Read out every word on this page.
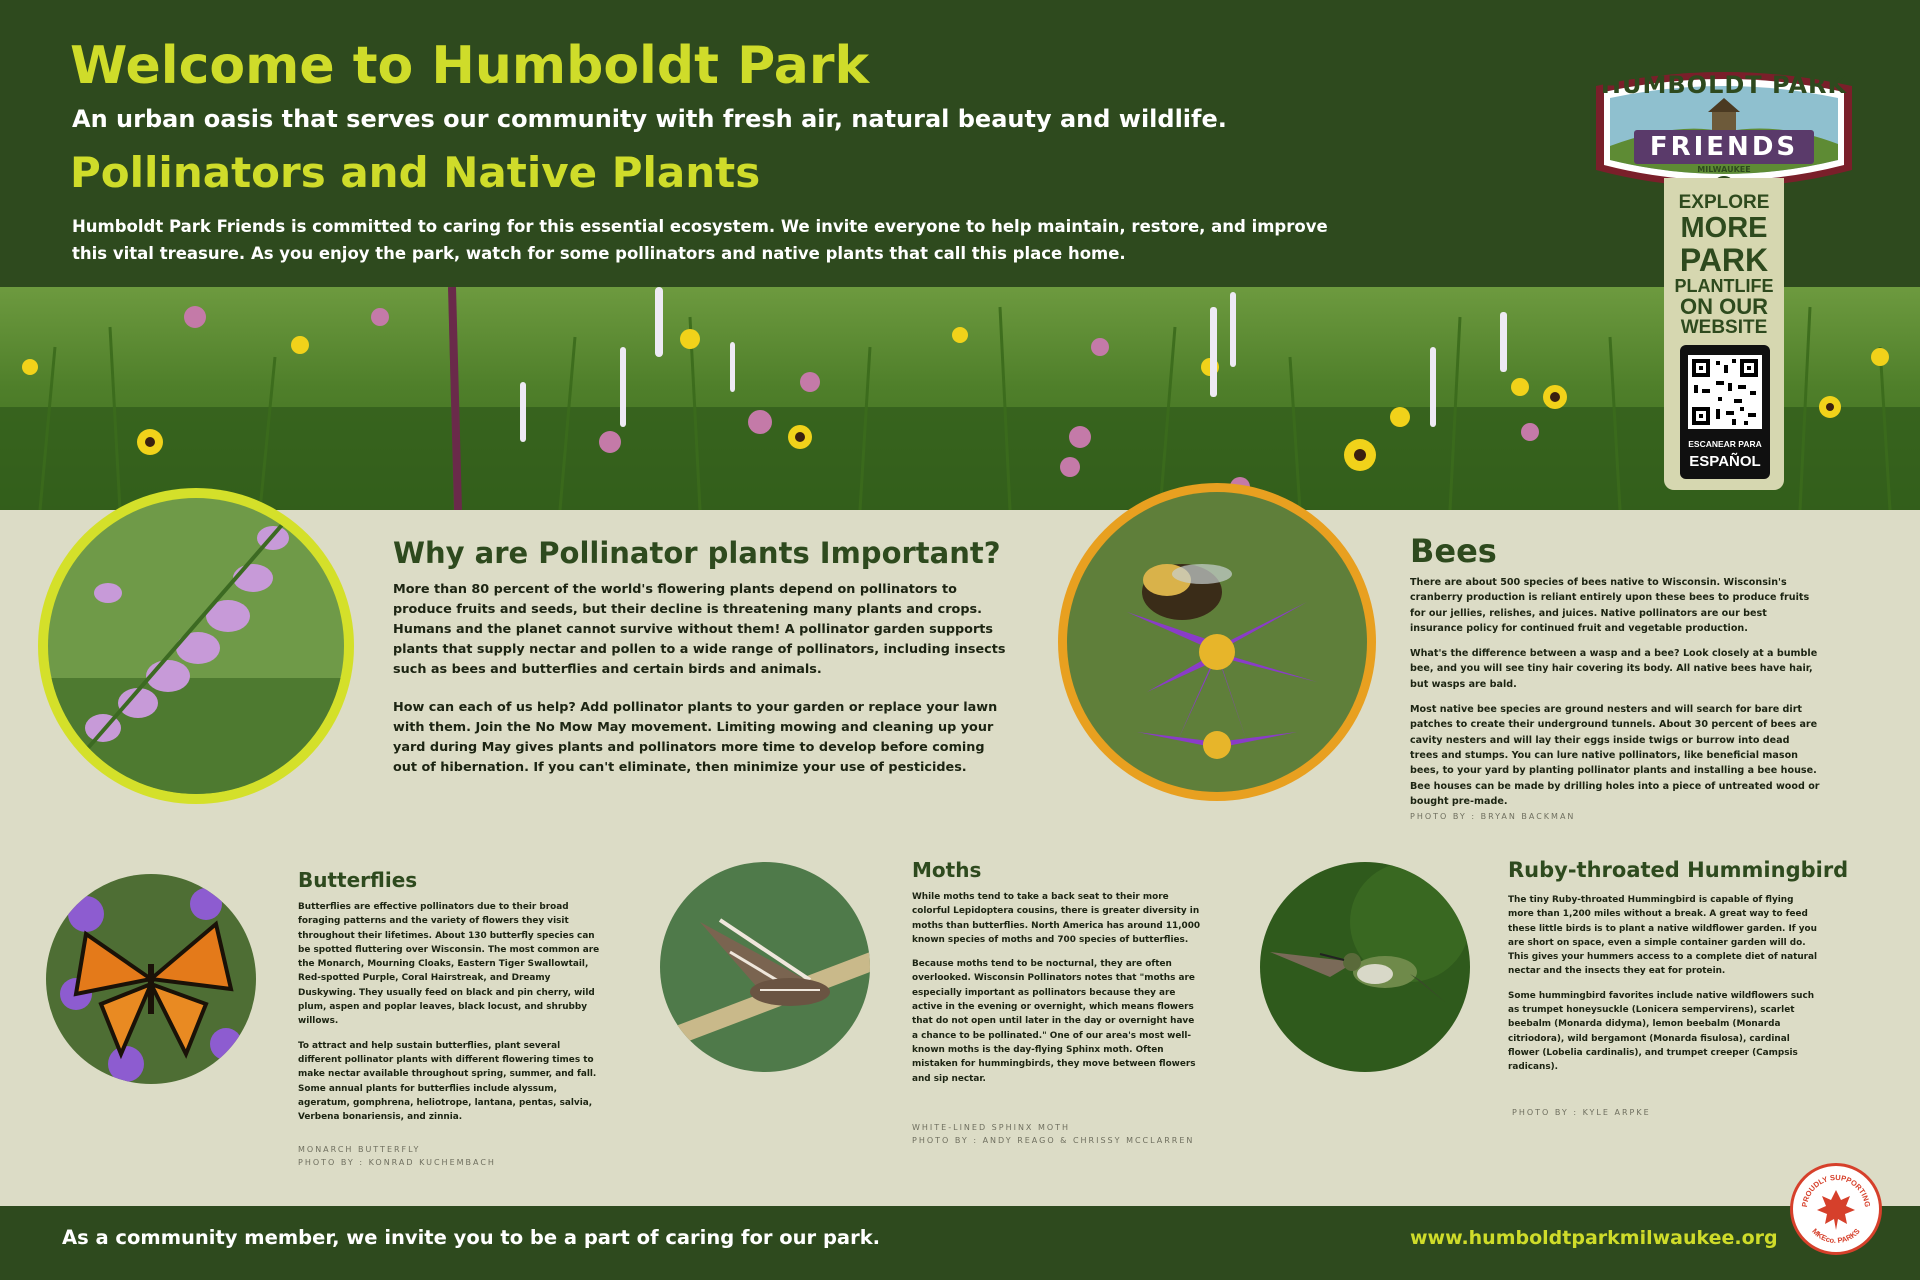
Welcome to Humboldt Park
An urban oasis that serves our community with fresh air, natural beauty and wildlife.
Pollinators and Native Plants
Humboldt Park Friends is committed to caring for this essential ecosystem. We invite everyone to help maintain, restore, and improve this vital treasure. As you enjoy the park, watch for some pollinators and native plants that call this place home.
HUMBOLDT PARK
FRIENDS
MILWAUKEE
EXPLORE
MORE
PARK
PLANTLIFE
ON OUR
WEBSITE
ESCANEAR PARA
ESPAÑOL
Why are Pollinator plants Important?

More than 80 percent of the world's flowering plants depend on pollinators to produce fruits and seeds, but their decline is threatening many plants and crops. Humans and the planet cannot survive without them! A pollinator garden supports plants that supply nectar and pollen to a wide range of pollinators, including insects such as bees and butterflies and certain birds and animals.

How can each of us help? Add pollinator plants to your garden or replace your lawn with them. Join the No Mow May movement. Limiting mowing and cleaning up your yard during May gives plants and pollinators more time to develop before coming out of hibernation. If you can't eliminate, then minimize your use of pesticides.

Bees

There are about 500 species of bees native to Wisconsin. Wisconsin's cranberry production is reliant entirely upon these bees to produce fruits for our jellies, relishes, and juices. Native pollinators are our best insurance policy for continued fruit and vegetable production.

What's the difference between a wasp and a bee? Look closely at a bumble bee, and you will see tiny hair covering its body. All native bees have hair, but wasps are bald.

Most native bee species are ground nesters and will search for bare dirt patches to create their underground tunnels. About 30 percent of bees are cavity nesters and will lay their eggs inside twigs or burrow into dead trees and stumps. You can lure native pollinators, like beneficial mason bees, to your yard by planting pollinator plants and installing a bee house. Bee houses can be made by drilling holes into a piece of untreated wood or bought pre-made.

PHOTO BY : BRYAN BACKMAN
Butterflies

Butterflies are effective pollinators due to their broad foraging patterns and the variety of flowers they visit throughout their lifetimes. About 130 butterfly species can be spotted fluttering over Wisconsin. The most common are the Monarch, Mourning Cloaks, Eastern Tiger Swallowtail, Red-spotted Purple, Coral Hairstreak, and Dreamy Duskywing. They usually feed on black and pin cherry, wild plum, aspen and poplar leaves, black locust, and shrubby willows.

To attract and help sustain butterflies, plant several different pollinator plants with different flowering times to make nectar available throughout spring, summer, and fall. Some annual plants for butterflies include alyssum, ageratum, gomphrena, heliotrope, lantana, pentas, salvia, Verbena bonariensis, and zinnia.

MONARCH BUTTERFLY
PHOTO BY : KONRAD KUCHEMBACH
Moths

While moths tend to take a back seat to their more colorful Lepidoptera cousins, there is greater diversity in moths than butterflies. North America has around 11,000 known species of moths and 700 species of butterflies.

Because moths tend to be nocturnal, they are often overlooked. Wisconsin Pollinators notes that "moths are especially important as pollinators because they are active in the evening or overnight, which means flowers that do not open until later in the day or overnight have a chance to be pollinated." One of our area's most well-known moths is the day-flying Sphinx moth. Often mistaken for hummingbirds, they move between flowers and sip nectar.

WHITE-LINED SPHINX MOTH
PHOTO BY : ANDY REAGO & CHRISSY MCCLARREN
Ruby-throated Hummingbird

The tiny Ruby-throated Hummingbird is capable of flying more than 1,200 miles without a break. A great way to feed these little birds is to plant a native wildflower garden. If you are short on space, even a simple container garden will do. This gives your hummers access to a complete diet of natural nectar and the insects they eat for protein.

Some hummingbird favorites include native wildflowers such as trumpet honeysuckle (Lonicera sempervirens), scarlet beebalm (Monarda didyma), lemon beebalm (Monarda citriodora), wild bergamont (Monarda fisulosa), cardinal flower (Lobelia cardinalis), and trumpet creeper (Campsis radicans).

PHOTO BY : KYLE ARPKE
As a community member, we invite you to be a part of caring for our park.	www.humboldtparkmilwaukee.org
PROUDLY SUPPORTING
MKEco. PARKS
